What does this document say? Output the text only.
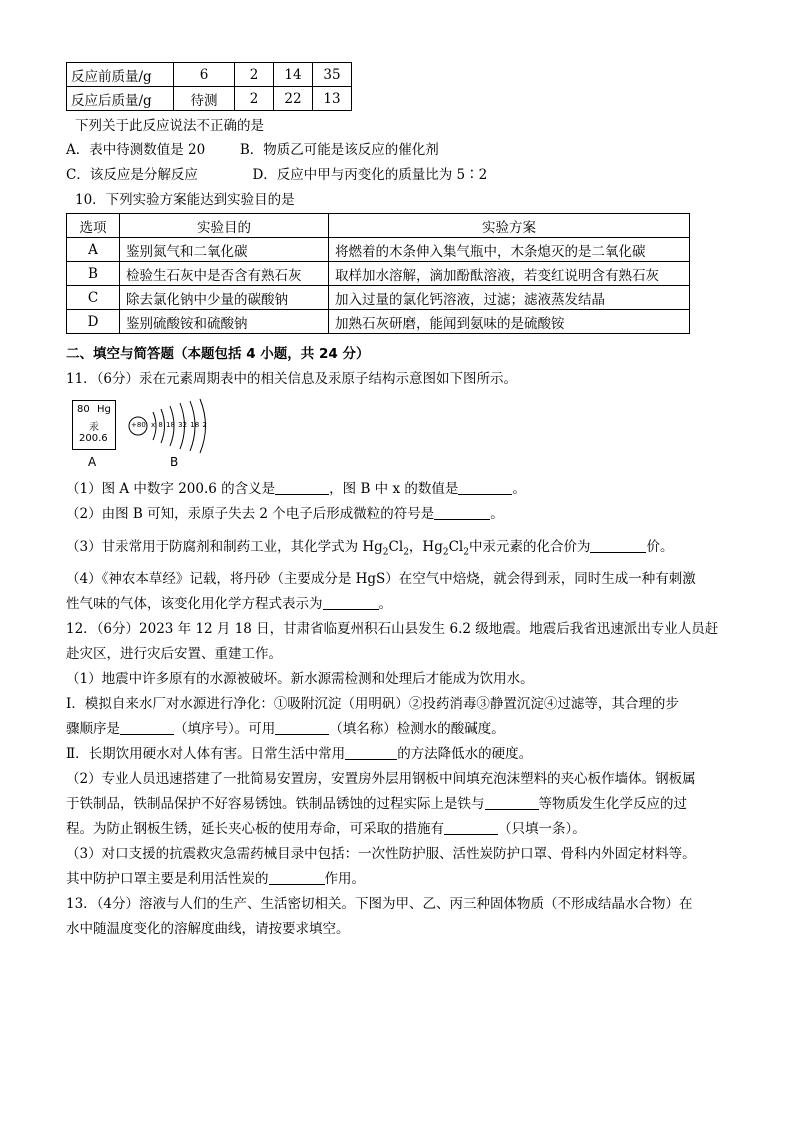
反应前质量/g	6	2	14	35
反应后质量/g	待测	2	22	13
下列关于此反应说法不正确的是
A．表中待测数值是 20	B．物质乙可能是该反应的催化剂
C．该反应是分解反应	D．反应中甲与丙变化的质量比为 5∶2
10．下列实验方案能达到实验目的是
选项	实验目的	实验方案
A	鉴别氮气和二氧化碳	将燃着的木条伸入集气瓶中，木条熄灭的是二氧化碳
B	检验生石灰中是否含有熟石灰	取样加水溶解，滴加酚酞溶液，若变红说明含有熟石灰
C	除去氯化钠中少量的碳酸钠	加入过量的氯化钙溶液，过滤；滤液蒸发结晶
D	鉴别硫酸铵和硫酸钠	加熟石灰研磨，能闻到氨味的是硫酸铵
二、填空与简答题（本题包括 4 小题，共 24 分）
11．（6分）汞在元素周期表中的相关信息及汞原子结构示意图如下图所示。
80 Hg
汞
200.6
A
+80 x 8 18 32 18 2
B
（1）图 A 中数字 200.6 的含义是	，图 B 中 x 的数值是	。
（2）由图 B 可知，汞原子失去 2 个电子后形成微粒的符号是	。
（3）甘汞常用于防腐剂和制药工业，其化学式为 $Hg_2Cl_2$，$Hg_2Cl_2$中汞元素的化合价为	价。
（4）《神农本草经》记载，将丹砂（主要成分是 HgS）在空气中焙烧，就会得到汞，同时生成一种有刺激
性气味的气体，该变化用化学方程式表示为	。
12．（6分）2023 年 12 月 18 日，甘肃省临夏州积石山县发生 6.2 级地震。地震后我省迅速派出专业人员赶
赴灾区，进行灾后安置、重建工作。
（1）地震中许多原有的水源被破坏。新水源需检测和处理后才能成为饮用水。
Ⅰ．模拟自来水厂对水源进行净化：①吸附沉淀（用明矾）②投药消毒③静置沉淀④过滤等，其合理的步
骤顺序是	（填序号）。可用	（填名称）检测水的酸碱度。
Ⅱ．长期饮用硬水对人体有害。日常生活中常用	的方法降低水的硬度。
（2）专业人员迅速搭建了一批简易安置房，安置房外层用钢板中间填充泡沫塑料的夹心板作墙体。钢板属
于铁制品，铁制品保护不好容易锈蚀。铁制品锈蚀的过程实际上是铁与	等物质发生化学反应的过
程。为防止钢板生锈，延长夹心板的使用寿命，可采取的措施有	（只填一条）。
（3）对口支援的抗震救灾急需药械目录中包括：一次性防护服、活性炭防护口罩、骨科内外固定材料等。
其中防护口罩主要是利用活性炭的	作用。
13．（4分）溶液与人们的生产、生活密切相关。下图为甲、乙、丙三种固体物质（不形成结晶水合物）在
水中随温度变化的溶解度曲线，请按要求填空。
